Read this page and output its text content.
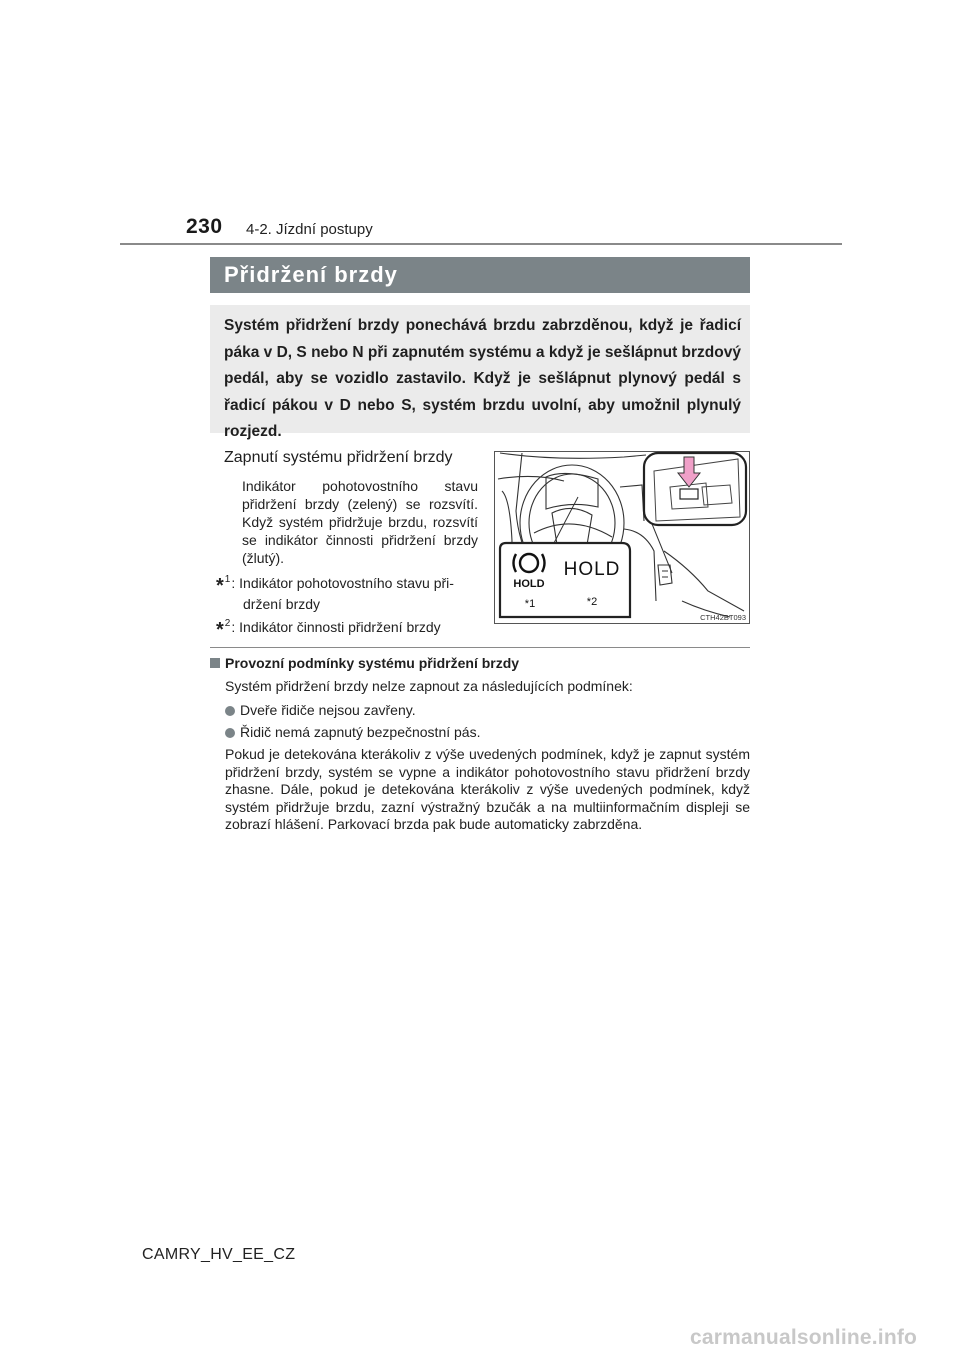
230 4-2. Jízdní postupy
Přidržení brzdy
Systém přidržení brzdy ponechává brzdu zabrzděnou, když je řadicí páka v D, S nebo N při zapnutém systému a když je sešlápnut brzdový pedál, aby se vozidlo zastavilo. Když je sešlápnut plynový pedál s řadicí pákou v D nebo S, systém brzdu uvolní, aby umožnil plynulý rozjezd.
Zapnutí systému přidržení brzdy
Indikátor pohotovostního stavu přidržení brzdy (zelený) se rozsvítí. Když systém přidržuje brzdu, rozsvítí se indikátor činnosti přidržení brzdy (žlutý).
*$^1$: Indikátor pohotovostního stavu při-
držení brzdy
*$^2$: Indikátor činnosti přidržení brzdy
HOLD
HOLD
*1	*2
CTH42BT093
Provozní podmínky systému přidržení brzdy
Systém přidržení brzdy nelze zapnout za následujících podmínek:
Dveře řidiče nejsou zavřeny.
Řidič nemá zapnutý bezpečnostní pás.
Pokud je detekována kterákoliv z výše uvedených podmínek, když je zapnut systém přidržení brzdy, systém se vypne a indikátor pohotovostního stavu přidržení brzdy zhasne. Dále, pokud je detekována kterákoliv z výše uvedených podmínek, když systém přidržuje brzdu, zazní výstražný bzučák a na multiinformačním displeji se zobrazí hlášení. Parkovací brzda pak bude automaticky zabrzděna.
CAMRY_HV_EE_CZ
carmanualsonline.info
